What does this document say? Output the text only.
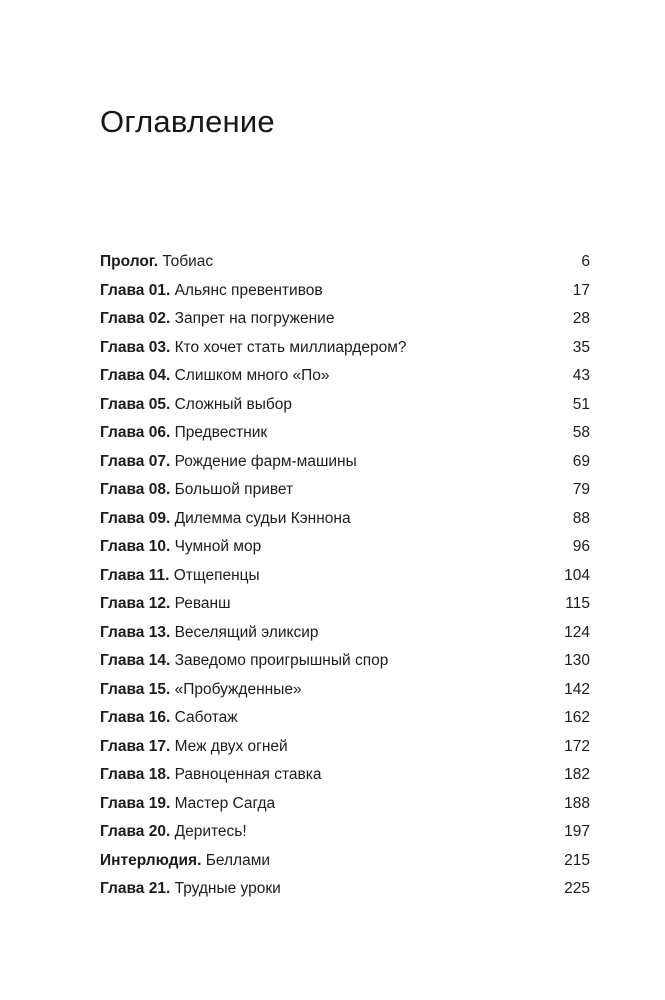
Оглавление
Пролог. Тобиас	6
Глава 01. Альянс превентивов	17
Глава 02. Запрет на погружение	28
Глава 03. Кто хочет стать миллиардером?	35
Глава 04. Слишком много «По»	43
Глава 05. Сложный выбор	51
Глава 06. Предвестник	58
Глава 07. Рождение фарм-машины	69
Глава 08. Большой привет	79
Глава 09. Дилемма судьи Кэннона	88
Глава 10. Чумной мор	96
Глава 11. Отщепенцы	104
Глава 12. Реванш	115
Глава 13. Веселящий эликсир	124
Глава 14. Заведомо проигрышный спор	130
Глава 15. «Пробужденные»	142
Глава 16. Саботаж	162
Глава 17. Меж двух огней	172
Глава 18. Равноценная ставка	182
Глава 19. Мастер Сагда	188
Глава 20. Деритесь!	197
Интерлюдия. Беллами	215
Глава 21. Трудные уроки	225
